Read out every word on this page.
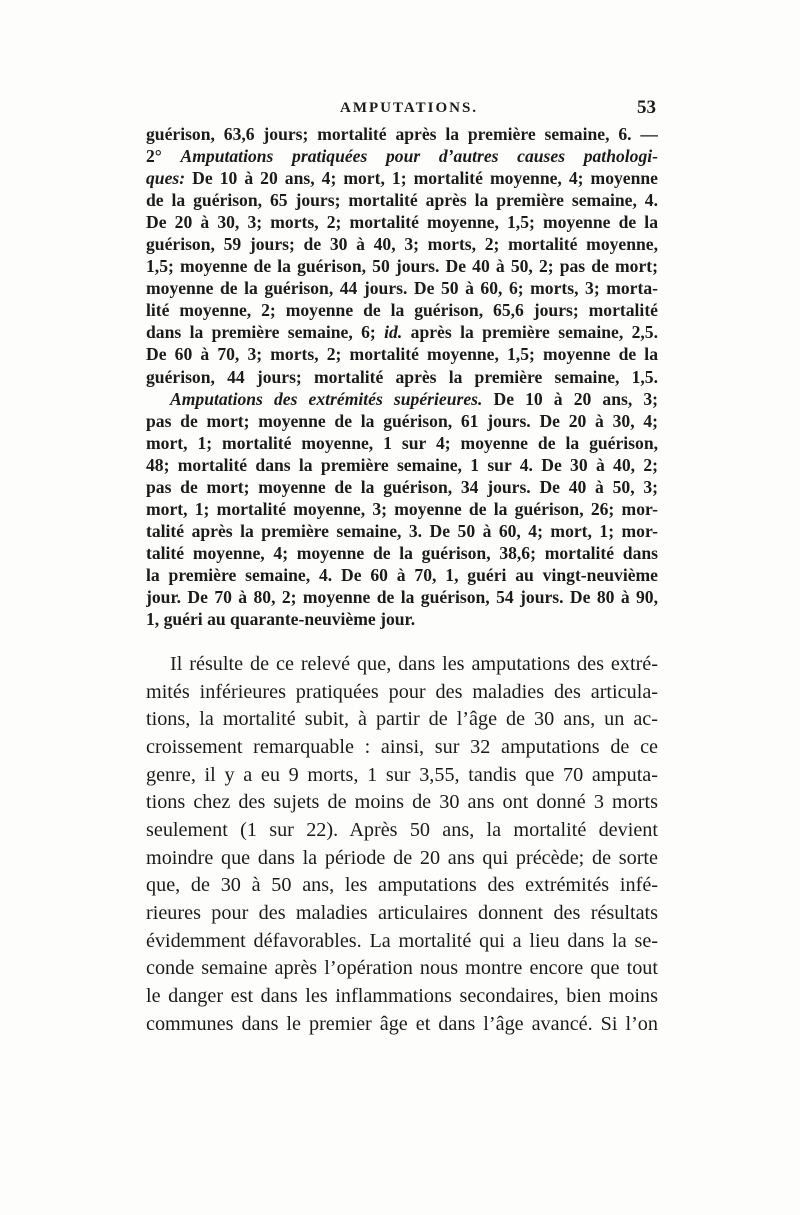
AMPUTATIONS.	53
guérison, 63,6 jours; mortalité après la première semaine, 6. —
2° Amputations pratiquées pour d’autres causes pathologi-
ques: De 10 à 20 ans, 4; mort, 1; mortalité moyenne, 4; moyenne
de la guérison, 65 jours; mortalité après la première semaine, 4.
De 20 à 30, 3; morts, 2; mortalité moyenne, 1,5; moyenne de la
guérison, 59 jours; de 30 à 40, 3; morts, 2; mortalité moyenne,
1,5; moyenne de la guérison, 50 jours. De 40 à 50, 2; pas de mort;
moyenne de la guérison, 44 jours. De 50 à 60, 6; morts, 3; morta-
lité moyenne, 2; moyenne de la guérison, 65,6 jours; mortalité
dans la première semaine, 6; id. après la première semaine, 2,5.
De 60 à 70, 3; morts, 2; mortalité moyenne, 1,5; moyenne de la
guérison, 44 jours; mortalité après la première semaine, 1,5.
Amputations des extrémités supérieures. De 10 à 20 ans, 3;
pas de mort; moyenne de la guérison, 61 jours. De 20 à 30, 4;
mort, 1; mortalité moyenne, 1 sur 4; moyenne de la guérison,
48; mortalité dans la première semaine, 1 sur 4. De 30 à 40, 2;
pas de mort; moyenne de la guérison, 34 jours. De 40 à 50, 3;
mort, 1; mortalité moyenne, 3; moyenne de la guérison, 26; mor-
talité après la première semaine, 3. De 50 à 60, 4; mort, 1; mor-
talité moyenne, 4; moyenne de la guérison, 38,6; mortalité dans
la première semaine, 4. De 60 à 70, 1, guéri au vingt-neuvième
jour. De 70 à 80, 2; moyenne de la guérison, 54 jours. De 80 à 90,
1, guéri au quarante-neuvième jour.
Il résulte de ce relevé que, dans les amputations des extré-
mités inférieures pratiquées pour des maladies des articula-
tions, la mortalité subit, à partir de l’âge de 30 ans, un ac-
croissement remarquable : ainsi, sur 32 amputations de ce
genre, il y a eu 9 morts, 1 sur 3,55, tandis que 70 amputa-
tions chez des sujets de moins de 30 ans ont donné 3 morts
seulement (1 sur 22). Après 50 ans, la mortalité devient
moindre que dans la période de 20 ans qui précède; de sorte
que, de 30 à 50 ans, les amputations des extrémités infé-
rieures pour des maladies articulaires donnent des résultats
évidemment défavorables. La mortalité qui a lieu dans la se-
conde semaine après l’opération nous montre encore que tout
le danger est dans les inflammations secondaires, bien moins
communes dans le premier âge et dans l’âge avancé. Si l’on
